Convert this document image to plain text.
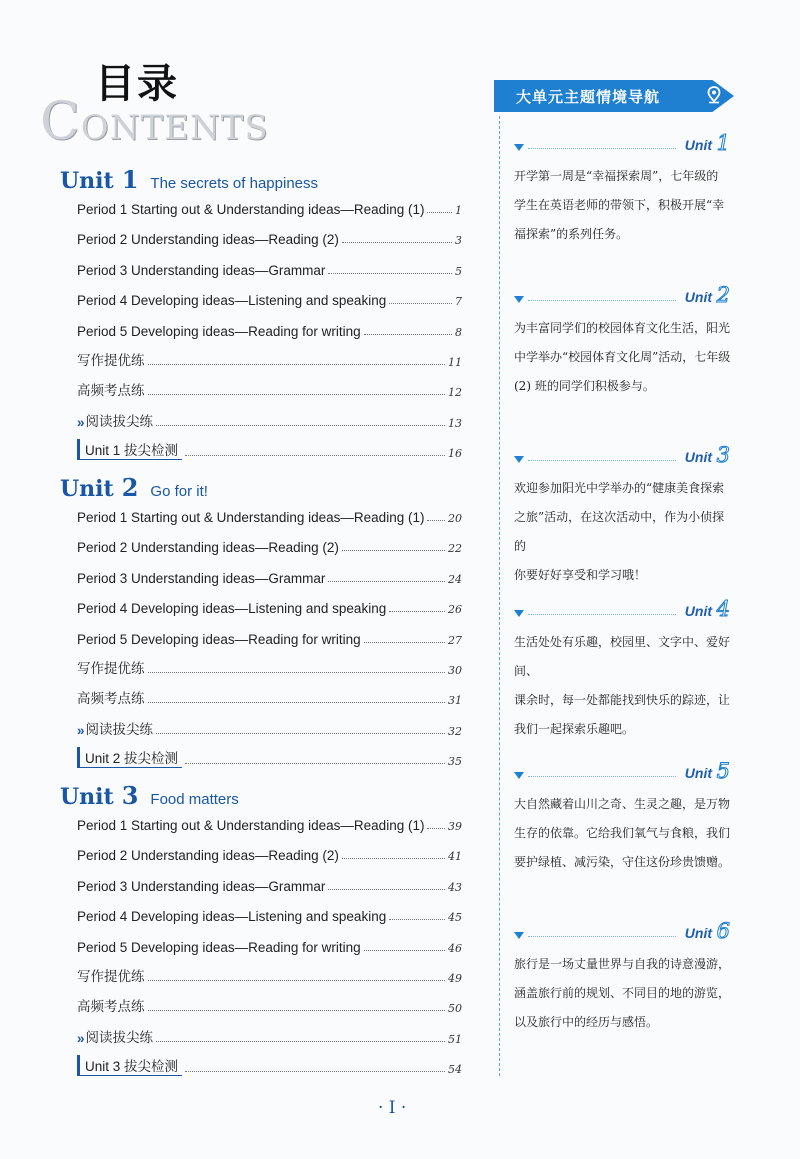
目录
CONTENTS
Unit 1 The secrets of happiness
Period 1 Starting out & Understanding ideas—Reading (1)	1
Period 2 Understanding ideas—Reading (2)	3
Period 3 Understanding ideas—Grammar	5
Period 4 Developing ideas—Listening and speaking	7
Period 5 Developing ideas—Reading for writing	8
写作提优练	11
高频考点练	12
» 阅读拔尖练	13
Unit 1 拔尖检测	16
Unit 2 Go for it!
Period 1 Starting out & Understanding ideas—Reading (1) 20
Period 2 Understanding ideas—Reading (2)	22
Period 3 Understanding ideas—Grammar	24
Period 4 Developing ideas—Listening and speaking	26
Period 5 Developing ideas—Reading for writing	27
写作提优练	30
高频考点练	31
» 阅读拔尖练	32
Unit 2 拔尖检测	35
Unit 3 Food matters
Period 1 Starting out & Understanding ideas—Reading (1) 39
Period 2 Understanding ideas—Reading (2)	41
Period 3 Understanding ideas—Grammar	43
Period 4 Developing ideas—Listening and speaking	45
Period 5 Developing ideas—Reading for writing	46
写作提优练	49
高频考点练	50
» 阅读拔尖练	51
Unit 3 拔尖检测	54
大单元主题情境导航
Unit 1
开学第一周是“幸福探索周”，七年级的
学生在英语老师的带领下，积极开展“幸
福探索”的系列任务。
Unit 2
为丰富同学们的校园体育文化生活，阳光
中学举办“校园体育文化周”活动，七年级
(2) 班的同学们积极参与。
Unit 3
欢迎参加阳光中学举办的“健康美食探索
之旅”活动，在这次活动中，作为小侦探的
你要好好享受和学习哦！
Unit 4
生活处处有乐趣，校园里、文字中、爱好间、
课余时，每一处都能找到快乐的踪迹，让
我们一起探索乐趣吧。
Unit 5
大自然藏着山川之奇、生灵之趣，是万物
生存的依靠。它给我们氧气与食粮，我们
要护绿植、减污染，守住这份珍贵馈赠。
Unit 6
旅行是一场丈量世界与自我的诗意漫游，
涵盖旅行前的规划、不同目的地的游览，
以及旅行中的经历与感悟。
· I ·
